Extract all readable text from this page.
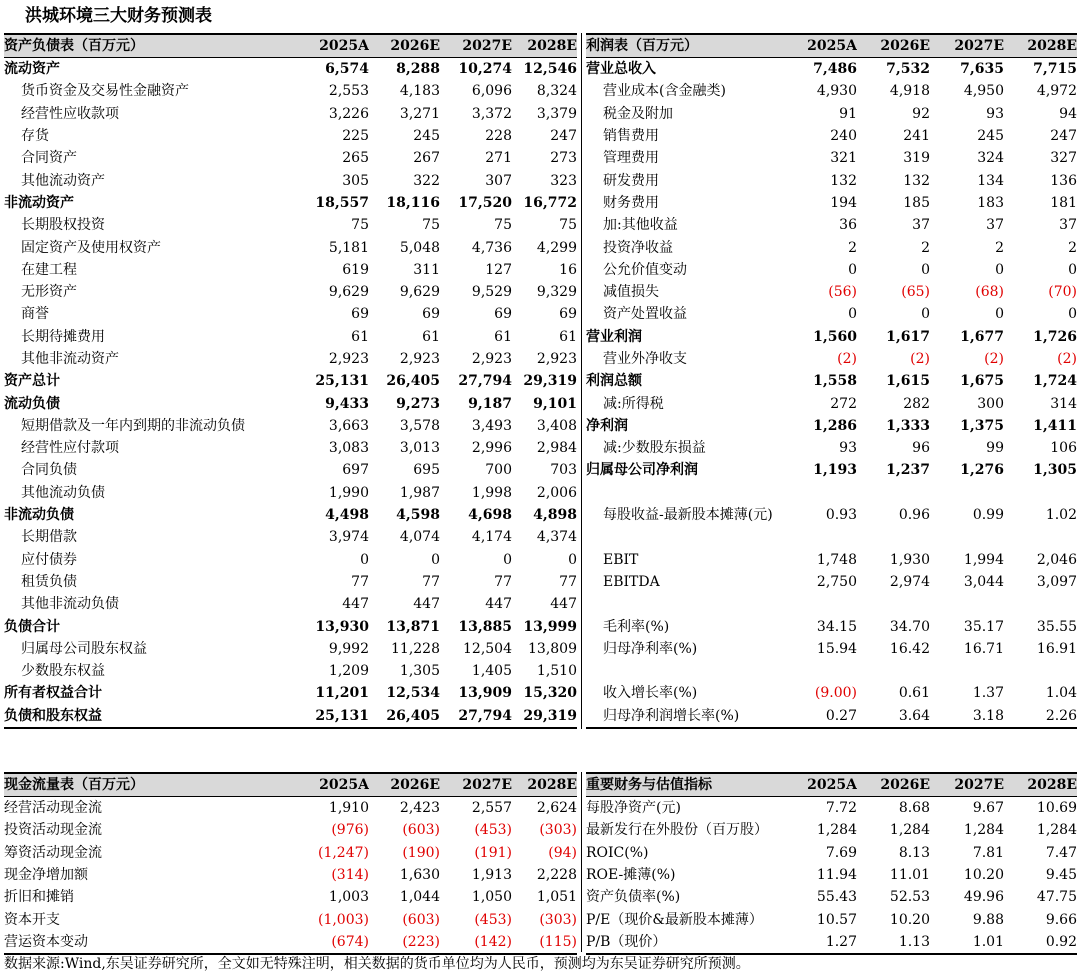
洪城环境三大财务预测表
资产负债表（百万元）	2025A	2026E	2027E	2028E
流动资产	6,574	8,288	10,274	12,546
货币资金及交易性金融资产	2,553	4,183	6,096	8,324
经营性应收款项	3,226	3,271	3,372	3,379
存货	225	245	228	247
合同资产	265	267	271	273
其他流动资产	305	322	307	323
非流动资产	18,557	18,116	17,520	16,772
长期股权投资	75	75	75	75
固定资产及使用权资产	5,181	5,048	4,736	4,299
在建工程	619	311	127	16
无形资产	9,629	9,629	9,529	9,329
商誉	69	69	69	69
长期待摊费用	61	61	61	61
其他非流动资产	2,923	2,923	2,923	2,923
资产总计	25,131	26,405	27,794	29,319
流动负债	9,433	9,273	9,187	9,101
短期借款及一年内到期的非流动负债	3,663	3,578	3,493	3,408
经营性应付款项	3,083	3,013	2,996	2,984
合同负债	697	695	700	703
其他流动负债	1,990	1,987	1,998	2,006
非流动负债	4,498	4,598	4,698	4,898
长期借款	3,974	4,074	4,174	4,374
应付债券	0	0	0	0
租赁负债	77	77	77	77
其他非流动负债	447	447	447	447
负债合计	13,930	13,871	13,885	13,999
归属母公司股东权益	9,992	11,228	12,504	13,809
少数股东权益	1,209	1,305	1,405	1,510
所有者权益合计	11,201	12,534	13,909	15,320
负债和股东权益	25,131	26,405	27,794	29,319
利润表（百万元）	2025A	2026E	2027E	2028E
营业总收入	7,486	7,532	7,635	7,715
营业成本(含金融类)	4,930	4,918	4,950	4,972
税金及附加	91	92	93	94
销售费用	240	241	245	247
管理费用	321	319	324	327
研发费用	132	132	134	136
财务费用	194	185	183	181
加:其他收益	36	37	37	37
投资净收益	2	2	2	2
公允价值变动	0	0	0	0
减值损失	(56)	(65)	(68)	(70)
资产处置收益	0	0	0	0
营业利润	1,560	1,617	1,677	1,726
营业外净收支	(2)	(2)	(2)	(2)
利润总额	1,558	1,615	1,675	1,724
减:所得税	272	282	300	314
净利润	1,286	1,333	1,375	1,411
减:少数股东损益	93	96	99	106
归属母公司净利润	1,193	1,237	1,276	1,305

每股收益-最新股本摊薄(元)	0.93	0.96	0.99	1.02

EBIT	1,748	1,930	1,994	2,046
EBITDA	2,750	2,974	3,044	3,097

毛利率(%)	34.15	34.70	35.17	35.55
归母净利率(%)	15.94	16.42	16.71	16.91

收入增长率(%)	(9.00)	0.61	1.37	1.04
归母净利润增长率(%)	0.27	3.64	3.18	2.26
现金流量表（百万元）	2025A	2026E	2027E	2028E
经营活动现金流	1,910	2,423	2,557	2,624
投资活动现金流	(976)	(603)	(453)	(303)
筹资活动现金流	(1,247)	(190)	(191)	(94)
现金净增加额	(314)	1,630	1,913	2,228
折旧和摊销	1,003	1,044	1,050	1,051
资本开支	(1,003)	(603)	(453)	(303)
营运资本变动	(674)	(223)	(142)	(115)
重要财务与估值指标	2025A	2026E	2027E	2028E
每股净资产(元)	7.72	8.68	9.67	10.69
最新发行在外股份（百万股）	1,284	1,284	1,284	1,284
ROIC(%)	7.69	8.13	7.81	7.47
ROE-摊薄(%)	11.94	11.01	10.20	9.45
资产负债率(%)	55.43	52.53	49.96	47.75
P/E（现价&最新股本摊薄）	10.57	10.20	9.88	9.66
P/B（现价）	1.27	1.13	1.01	0.92
数据来源:Wind,东吴证券研究所，全文如无特殊注明，相关数据的货币单位均为人民币，预测均为东吴证券研究所预测。
